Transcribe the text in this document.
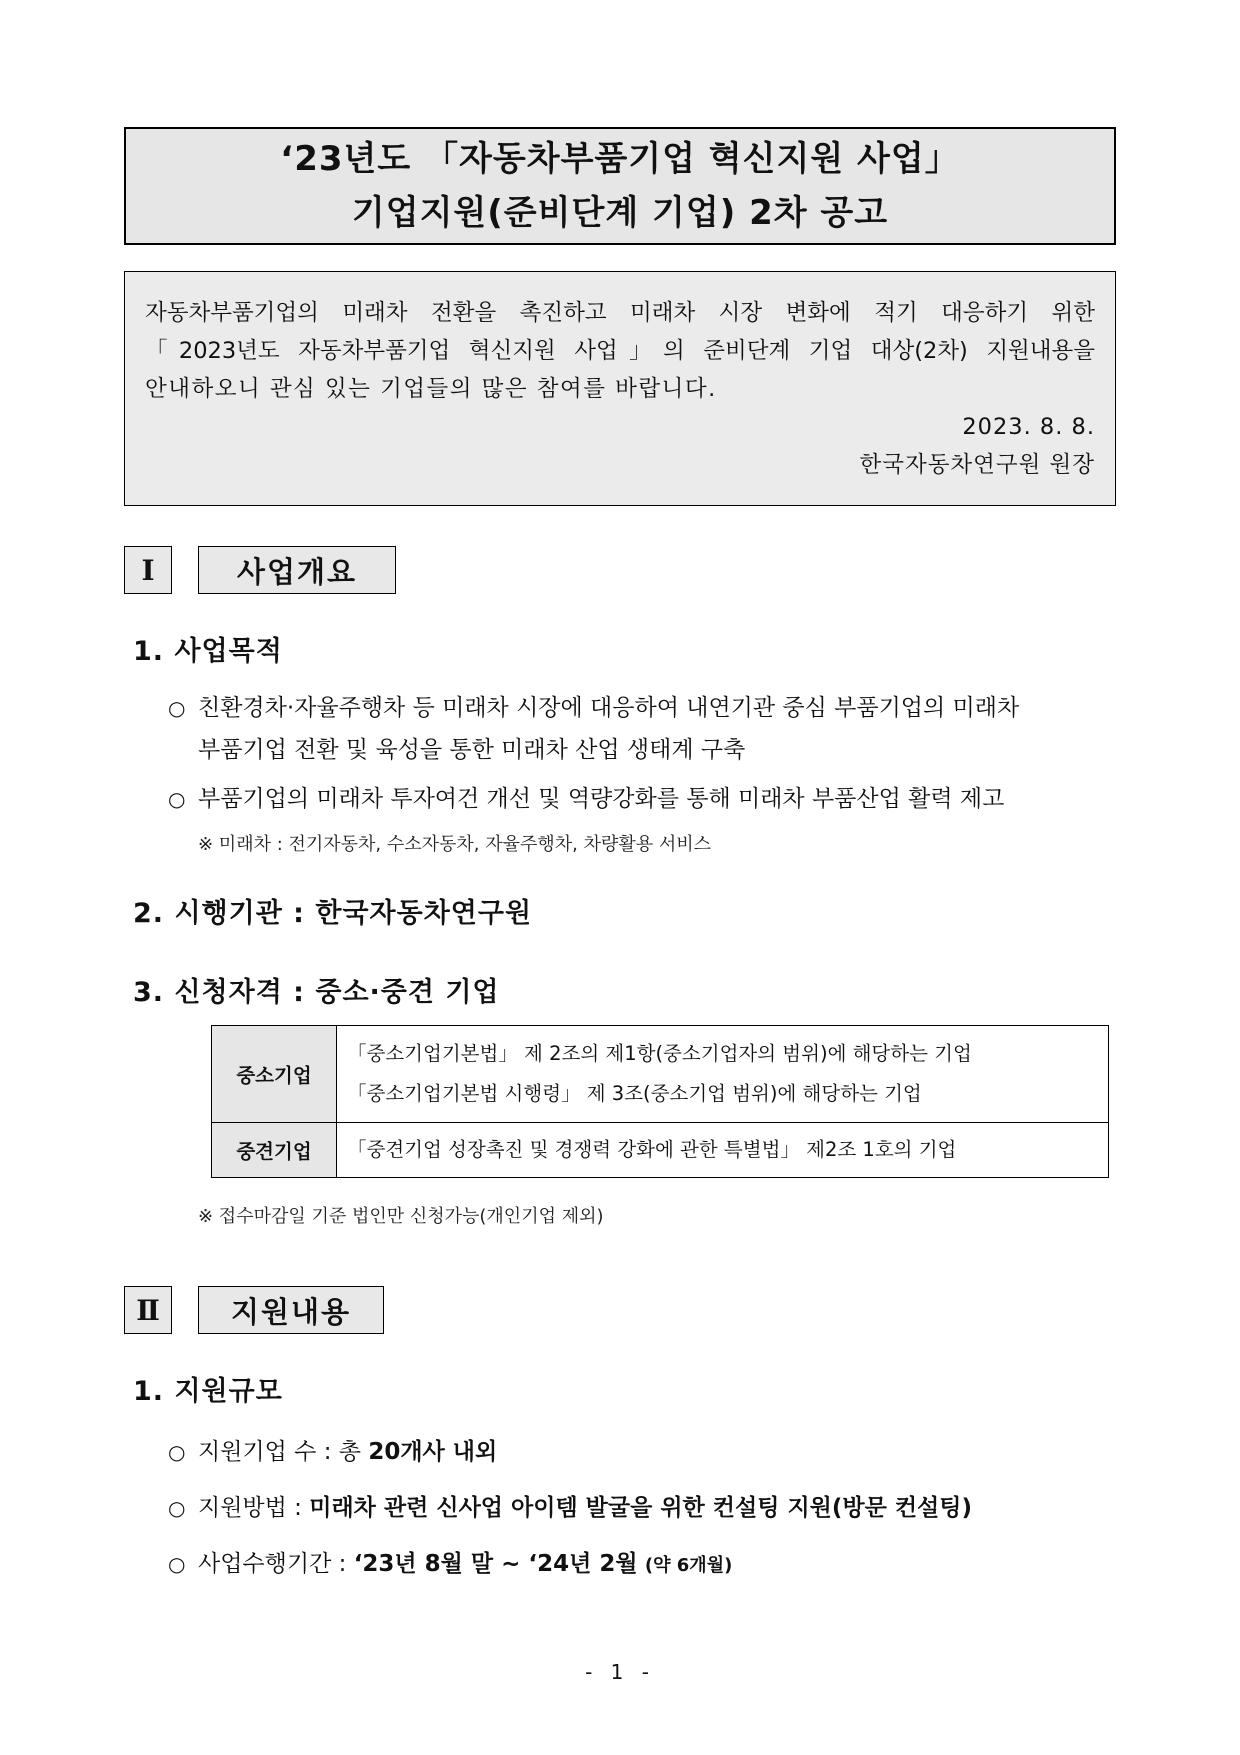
‘23년도 「자동차부품기업 혁신지원 사업」
기업지원(준비단계 기업) 2차 공고
자동차부품기업의 미래차 전환을 촉진하고 미래차 시장 변화에 적기 대응하기 위한
「2023년도 자동차부품기업 혁신지원 사업」의 준비단계 기업 대상(2차) 지원내용을
안내하오니 관심 있는 기업들의 많은 참여를 바랍니다.
2023. 8. 8.
한국자동차연구원 원장
Ⅰ	사업개요
1. 사업목적
○ 친환경차·자율주행차 등 미래차 시장에 대응하여 내연기관 중심 부품기업의 미래차
부품기업 전환 및 육성을 통한 미래차 산업 생태계 구축
○ 부품기업의 미래차 투자여건 개선 및 역량강화를 통해 미래차 부품산업 활력 제고
※ 미래차 : 전기자동차, 수소자동차, 자율주행차, 차량활용 서비스
2. 시행기관 : 한국자동차연구원
3. 신청자격 : 중소·중견 기업
중소기업	「중소기업기본법」 제 2조의 제1항(중소기업자의 범위)에 해당하는 기업
「중소기업기본법 시행령」 제 3조(중소기업 범위)에 해당하는 기업

중견기업	「중견기업 성장촉진 및 경쟁력 강화에 관한 특별법」 제2조 1호의 기업
※ 접수마감일 기준 법인만 신청가능(개인기업 제외)
Ⅱ	지원내용
1. 지원규모
○ 지원기업 수 : 총 20개사 내외
○ 지원방법 : 미래차 관련 신사업 아이템 발굴을 위한 컨설팅 지원(방문 컨설팅)
○ 사업수행기간 : ‘23년 8월 말 ~ ‘24년 2월 (약 6개월)
- 1 -
